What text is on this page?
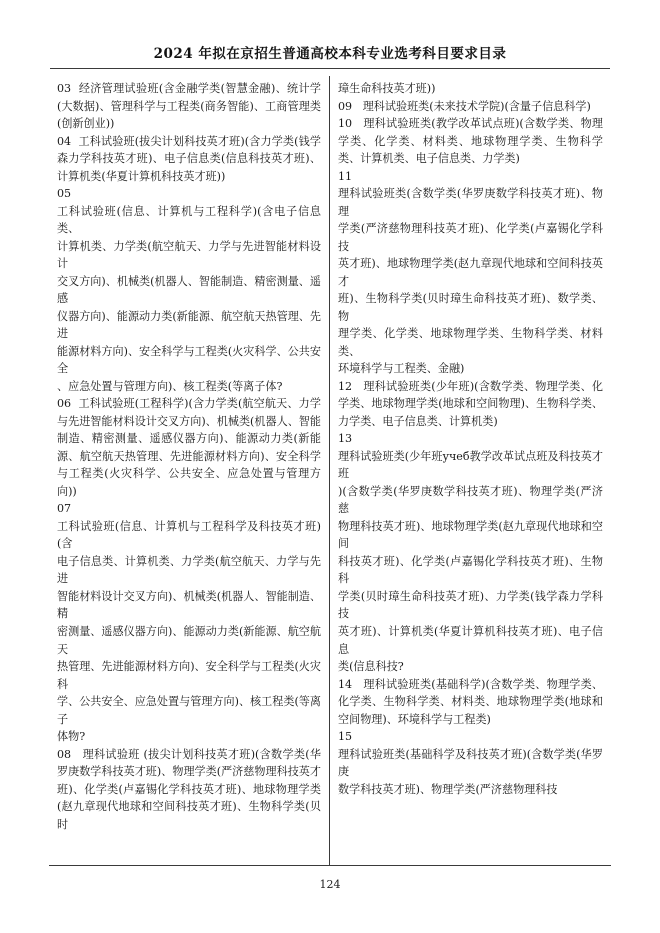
2024 年拟在京招生普通高校本科专业选考科目要求目录

03  经济管理试验班(含金融学类(智慧金融)、统计学(大数据)、管理科学与工程类(商务智能)、工商管理类(创新创业))

04  工科试验班(拔尖计划科技英才班)(含力学类(钱学森力学科技英才班)、电子信息类(信息科技英才班)、计算机类(华夏计算机科技英才班))

05

工科试验班(信息、计算机与工程科学)(含电子信息类、

计算机类、力学类(航空航天、力学与先进智能材料设计

交叉方向)、机械类(机器人、智能制造、精密测量、遥感

仪器方向)、能源动力类(新能源、航空航天热管理、先进

能源材料方向)、安全科学与工程类(火灾科学、公共安全

、应急处置与管理方向)、核工程类(等离子体?

06  工科试验班(工程科学)(含力学类(航空航天、力学与先进智能材料设计交叉方向)、机械类(机器人、智能制造、精密测量、遥感仪器方向)、能源动力类(新能源、航空航天热管理、先进能源材料方向)、安全科学与工程类(火灾科学、公共安全、应急处置与管理方向))

07

工科试验班(信息、计算机与工程科学及科技英才班)(含

电子信息类、计算机类、力学类(航空航天、力学与先进

智能材料设计交叉方向)、机械类(机器人、智能制造、精

密测量、遥感仪器方向)、能源动力类(新能源、航空航天

热管理、先进能源材料方向)、安全科学与工程类(火灾科

学、公共安全、应急处置与管理方向)、核工程类(等离子

体物?

08   理科试验班 (拔尖计划科技英才班)(含数学类(华罗庚数学科技英才班)、物理学类(严济慈物理科技英才班)、化学类(卢嘉锡化学科技英才班)、地球物理学类(赵九章现代地球和空间科技英才班)、生物科学类(贝时

璋生命科技英才班))

09   理科试验班类(未来技术学院)(含量子信息科学)

10   理科试验班类(教学改革试点班)(含数学类、物理学类、化学类、材料类、地球物理学类、生物科学类、计算机类、电子信息类、力学类)

11

理科试验班类(含数学类(华罗庚数学科技英才班)、物理

学类(严济慈物理科技英才班)、化学类(卢嘉锡化学科技

英才班)、地球物理学类(赵九章现代地球和空间科技英才

班)、生物科学类(贝时璋生命科技英才班)、数学类、物

理学类、化学类、地球物理学类、生物科学类、材料类、

环境科学与工程类、金融)

12   理科试验班类(少年班)(含数学类、物理学类、化学类、地球物理学类(地球和空间物理)、生物科学类、力学类、电子信息类、计算机类)

13

理科试验班类(少年班учеб教学改革试点班及科技英才班

)(含数学类(华罗庚数学科技英才班)、物理学类(严济慈

物理科技英才班)、地球物理学类(赵九章现代地球和空间

科技英才班)、化学类(卢嘉锡化学科技英才班)、生物科

学类(贝时璋生命科技英才班)、力学类(钱学森力学科技

英才班)、计算机类(华夏计算机科技英才班)、电子信息

类(信息科技?

14   理科试验班类(基础科学)(含数学类、物理学类、化学类、生物科学类、材料类、地球物理学类(地球和空间物理)、环境科学与工程类)

15

理科试验班类(基础科学及科技英才班)(含数学类(华罗庚

数学科技英才班)、物理学类(严济慈物理科技

124
